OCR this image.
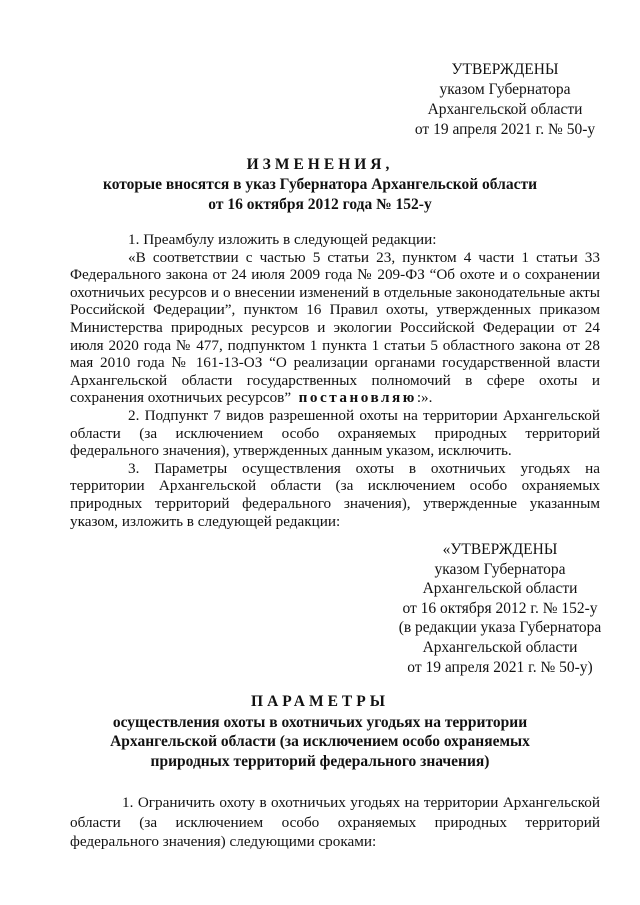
УТВЕРЖДЕНЫ
указом Губернатора
Архангельской области
от 19 апреля 2021 г. № 50-у
ИЗМЕНЕНИЯ,
которые вносятся в указ Губернатора Архангельской области
от 16 октября 2012 года № 152-у

1. Преамбулу изложить в следующей редакции:

«В соответствии с частью 5 статьи 23, пунктом 4 части 1 статьи 33 Федерального закона от 24 июля 2009 года № 209-ФЗ “Об охоте и о сохранении охотничьих ресурсов и о внесении изменений в отдельные законодательные акты Российской Федерации”, пунктом 16 Правил охоты, утвержденных приказом Министерства природных ресурсов и экологии Российской Федерации от 24 июля 2020 года № 477, подпунктом 1 пункта 1 статьи 5 областного закона от 28 мая 2010 года № 161-13-ОЗ “О реализации органами государственной власти Архангельской области государственных полномочий в сфере охоты и сохранения охотничьих ресурсов” постановляю:».

2. Подпункт 7 видов разрешенной охоты на территории Архангельской области (за исключением особо охраняемых природных территорий федерального значения), утвержденных данным указом, исключить.

3. Параметры осуществления охоты в охотничьих угодьях на территории Архангельской области (за исключением особо охраняемых природных территорий федерального значения), утвержденные указанным указом, изложить в следующей редакции:

«УТВЕРЖДЕНЫ
указом Губернатора
Архангельской области
от 16 октября 2012 г. № 152-у
(в редакции указа Губернатора
Архангельской области
от 19 апреля 2021 г. № 50-у)
ПАРАМЕТРЫ
осуществления охоты в охотничьих угодьях на территории
Архангельской области (за исключением особо охраняемых
природных территорий федерального значения)

1. Ограничить охоту в охотничьих угодьях на территории Архангельской области (за исключением особо охраняемых природных территорий федерального значения) следующими сроками:
